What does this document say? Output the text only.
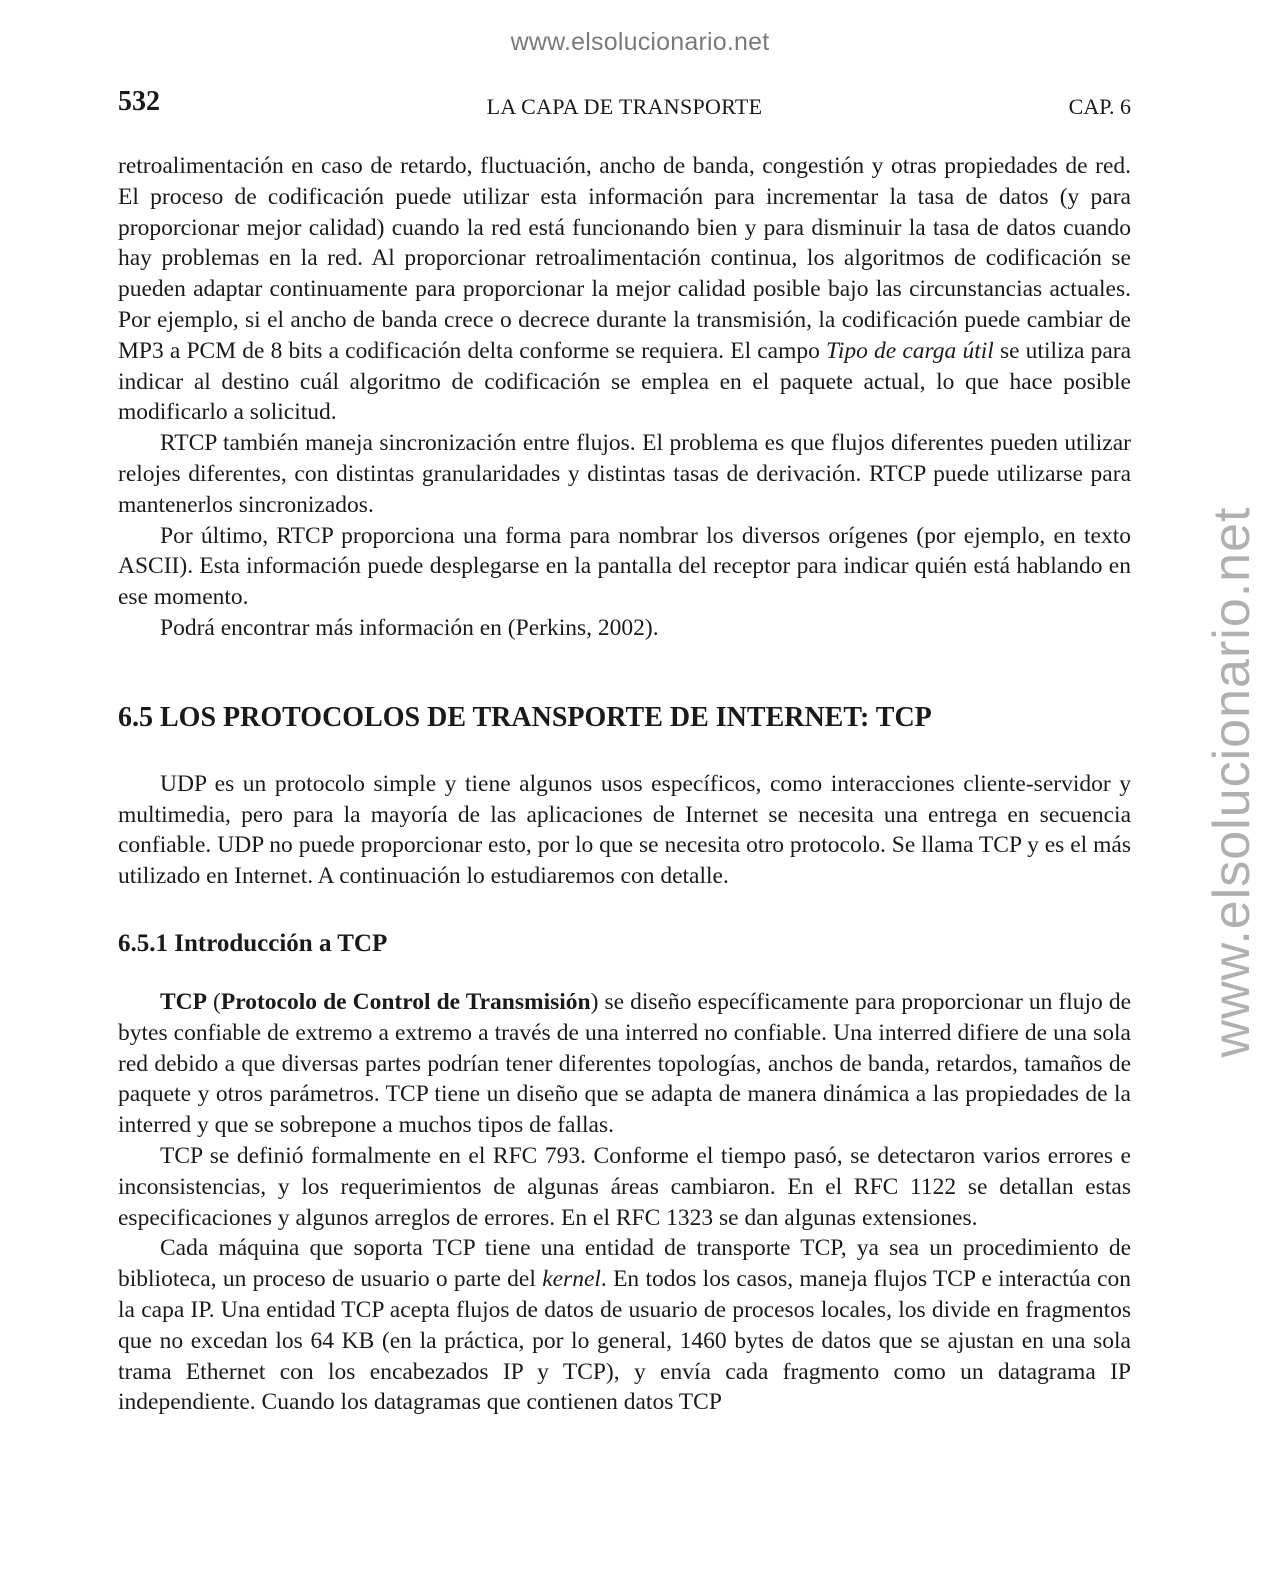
www.elsolucionario.net
www.elsolucionario.net
532	LA CAPA DE TRANSPORTE	CAP. 6

retroalimentación en caso de retardo, fluctuación, ancho de banda, congestión y otras propiedades de red. El proceso de codificación puede utilizar esta información para incrementar la tasa de datos (y para proporcionar mejor calidad) cuando la red está funcionando bien y para disminuir la tasa de datos cuando hay problemas en la red. Al proporcionar retroalimentación continua, los algoritmos de codificación se pueden adaptar continuamente para proporcionar la mejor calidad posible bajo las circunstancias actuales. Por ejemplo, si el ancho de banda crece o decrece durante la transmisión, la codificación puede cambiar de MP3 a PCM de 8 bits a codificación delta conforme se requiera. El campo Tipo de carga útil se utiliza para indicar al destino cuál algoritmo de codificación se emplea en el paquete actual, lo que hace posible modificarlo a solicitud.

RTCP también maneja sincronización entre flujos. El problema es que flujos diferentes pueden utilizar relojes diferentes, con distintas granularidades y distintas tasas de derivación. RTCP puede utilizarse para mantenerlos sincronizados.

Por último, RTCP proporciona una forma para nombrar los diversos orígenes (por ejemplo, en texto ASCII). Esta información puede desplegarse en la pantalla del receptor para indicar quién está hablando en ese momento.

Podrá encontrar más información en (Perkins, 2002).

6.5 LOS PROTOCOLOS DE TRANSPORTE DE INTERNET: TCP

UDP es un protocolo simple y tiene algunos usos específicos, como interacciones cliente-servidor y multimedia, pero para la mayoría de las aplicaciones de Internet se necesita una entrega en secuencia confiable. UDP no puede proporcionar esto, por lo que se necesita otro protocolo. Se llama TCP y es el más utilizado en Internet. A continuación lo estudiaremos con detalle.

6.5.1 Introducción a TCP

TCP (Protocolo de Control de Transmisión) se diseño específicamente para proporcionar un flujo de bytes confiable de extremo a extremo a través de una interred no confiable. Una interred difiere de una sola red debido a que diversas partes podrían tener diferentes topologías, anchos de banda, retardos, tamaños de paquete y otros parámetros. TCP tiene un diseño que se adapta de manera dinámica a las propiedades de la interred y que se sobrepone a muchos tipos de fallas.

TCP se definió formalmente en el RFC 793. Conforme el tiempo pasó, se detectaron varios errores e inconsistencias, y los requerimientos de algunas áreas cambiaron. En el RFC 1122 se detallan estas especificaciones y algunos arreglos de errores. En el RFC 1323 se dan algunas extensiones.

Cada máquina que soporta TCP tiene una entidad de transporte TCP, ya sea un procedimiento de biblioteca, un proceso de usuario o parte del kernel. En todos los casos, maneja flujos TCP e interactúa con la capa IP. Una entidad TCP acepta flujos de datos de usuario de procesos locales, los divide en fragmentos que no excedan los 64 KB (en la práctica, por lo general, 1460 bytes de datos que se ajustan en una sola trama Ethernet con los encabezados IP y TCP), y envía cada fragmento como un datagrama IP independiente. Cuando los datagramas que contienen datos TCP
